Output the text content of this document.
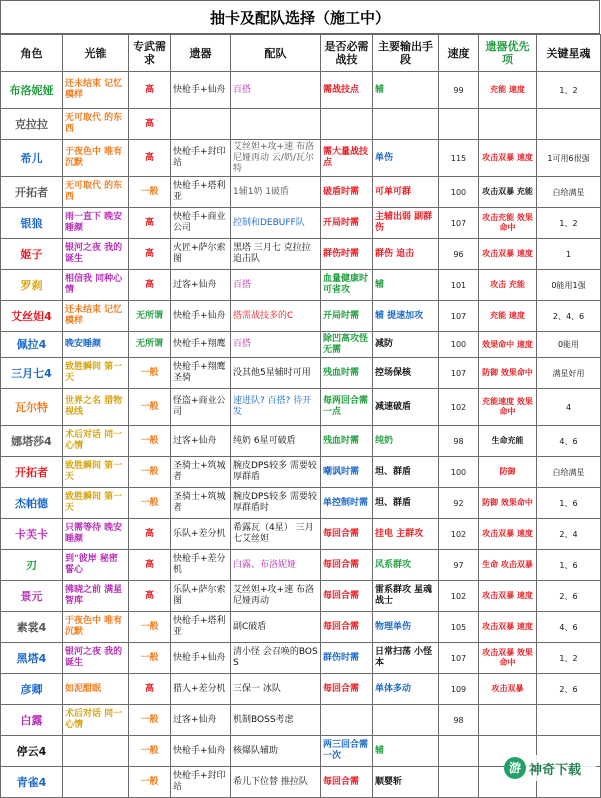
抽卡及配队选择（施工中）
角色	光锥	专武需求	遗器	配队	是否必需战技	主要输出手段	速度	遗器优先项	关键星魂
布洛妮娅	还未结束 记忆模样	高	快枪手+仙舟	百搭	需战技点	辅	99	充能 速度	1、2
克拉拉	无可取代 的东西	高							
希儿	于夜色中 唯有沉默	高	快枪手+封印站	艾丝妲+攻+速 布洛尼娅再动 云/奶/瓦尔特	需大量战技点	单伤	115	攻击双暴 速度	1可用6很强
开拓者	无可取代 的东西	一般	快枪手+塔利亚	1辅1奶 1破盾	破盾时需	可单可群	100	攻击双暴 充能	白给满星
银狼	雨一直下 晚安睡颜	高	快枪手+商业公司	控制和DEBUFF队	开局时需	主辅出弱 副群伤	107	攻击充能 效果命中	1、2
姬子	银河之夜 我的诞生	高	火匠+萨尔索图	黑塔 三月七 克拉拉 追击队	群伤时需	群伤 追击	96	攻击双暴 速度	1
罗刹	相信我 同种心情	高	过客+仙舟	百搭	血量健康时可省攻	辅	101	攻击 充能	0能用1强
艾丝妲4	还未结束 记忆模样	无所谓	快枪手+仙舟	搭需战技多的C	开局时需	辅 提速加攻	107	充能 速度	2、4、6
佩拉4	晚安睡颜	无所谓	快枪手+翔鹰	百搭	除凹高攻怪 无需	减防	100	效果命中 速度	0能用
三月七4	致胜瞬间 第一天	一般	快枪手+翔鹰圣骑	没其他5星辅时可用	残血时需	控场保核	107	防御 效果命中	满星好用
瓦尔特	世界之名 猎物视线	一般	怪盗+商业公司	速进队? 百搭? 待开发	每两回合需一点	减速破盾	102	充能速度 效果命中	4
娜塔莎4	术后对话 同一心情	一般	过客+仙舟	纯奶 6星可破盾	残血时需	纯奶	98	生命充能	4、6
开拓者	致胜瞬间 第一天	一般	圣骑士+筑城者	腕皮DPS较多 需要较厚群盾	嘲讽时需	坦、群盾	100	防御	白给满星
杰帕德	致胜瞬间 第一天	一般	圣骑士+筑城者	腕皮DPS较多 需要较厚群盾时	单控制时需	坦、群盾	92	防御 效果命中	1、6
卡芙卡	只需等待 晚安睡颜	高	乐队+差分机	希露瓦（4星） 三月七艾丝妲	每回合需	挂电 主群攻	102	攻击双暴 速度	2、4
刃	到"彼岸 秘密誓心	高	快枪手+差分机	白露、布洛妮娅	每回合需	风系群攻	97	生命 攻击双暴	1、6
景元	拂晓之前 满星智库	高	乐队+萨尔索图	艾丝妲+攻+速 布洛尼娅再动	每回合需	雷系群攻 星魂战士	102	攻击双暴 速度	2、6
素裳4	于夜色中 唯有沉默	一般	快枪手+塔利亚	副C破盾	每回合需	物理单伤	105	攻击双暴 速度	4、6
黑塔4	银河之夜 我的诞生	一般	快枪手+仙舟	清小怪 会召唤的BOSS	群伤时需	日常扫荡 小怪本	107	攻击双暴 效果命中	1、2
彦卿	如泥酣眠	高	猎人+差分机	三保一 冰队	每回合需	单体多动	109	攻击双暴	2、6
白露	术后对话 同一心情	一般	过客+仙舟	机制BOSS考虑			98		
停云4		一般	快枪手+仙舟	核爆队辅助	两三回合需一次	辅			
青雀4		一般	快枪手+封印站	希儿下位替 推拉队	每回合需	顺婴斩			
游 神奇下载
